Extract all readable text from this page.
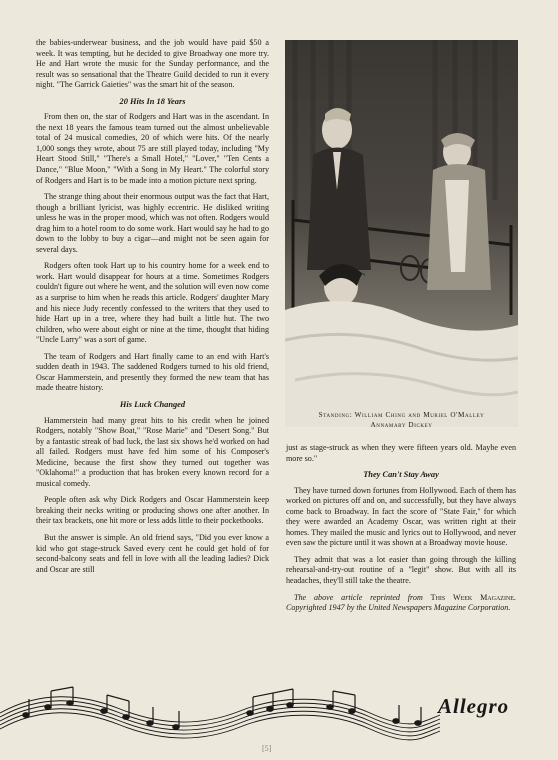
the babies-underwear business, and the job would have paid $50 a week. It was tempting, but he decided to give Broadway one more try. He and Hart wrote the music for the Sunday performance, and the result was so sensational that the Theatre Guild decided to run it every night. "The Garrick Gaieties" was the smart hit of the season.

20 Hits In 18 Years

From then on, the star of Rodgers and Hart was in the ascendant. In the next 18 years the famous team turned out the almost unbelievable total of 24 musical comedies, 20 of which were hits. Of the nearly 1,000 songs they wrote, about 75 are still played today, including "My Heart Stood Still," "There's a Small Hotel," "Lover," "Ten Cents a Dance," "Blue Moon," "With a Song in My Heart." The colorful story of Rodgers and Hart is to be made into a motion picture next spring.

The strange thing about their enormous output was the fact that Hart, though a brilliant lyricist, was highly eccentric. He disliked writing unless he was in the proper mood, which was not often. Rodgers would drag him to a hotel room to do some work. Hart would say he had to go down to the lobby to buy a cigar—and might not be seen again for several days.

Rodgers often took Hart up to his country home for a week end to work. Hart would disappear for hours at a time. Sometimes Rodgers couldn't figure out where he went, and the solution will even now come as a surprise to him when he reads this article. Rodgers' daughter Mary and his niece Judy recently confessed to the writers that they used to hide Hart up in a tree, where they had built a little hut. The two children, who were about eight or nine at the time, thought that hiding "Uncle Larry" was a sort of game.

The team of Rodgers and Hart finally came to an end with Hart's sudden death in 1943. The saddened Rodgers turned to his old friend, Oscar Hammerstein, and presently they formed the new team that has made theatre history.

His Luck Changed

Hammerstein had many great hits to his credit when he joined Rodgers, notably "Show Boat," "Rose Marie" and "Desert Song." But by a fantastic streak of bad luck, the last six shows he'd worked on had all failed. Rodgers must have fed him some of his Composer's Medicine, because the first show they turned out together was "Oklahoma!" a production that has broken every known record for a musical comedy.

People often ask why Dick Rodgers and Oscar Hammerstein keep breaking their necks writing or producing shows one after another. In their tax brackets, one hit more or less adds little to their pocketbooks.

But the answer is simple. An old friend says, "Did you ever know a kid who got stage-struck Saved every cent he could get hold of for second-balcony seats and fell in love with all the leading ladies? Dick and Oscar are still

Standing: William Ching and Muriel O'Malley
Annamary Dickey

just as stage-struck as when they were fifteen years old. Maybe even more so."

They Can't Stay Away

They have turned down fortunes from Hollywood. Each of them has worked on pictures off and on, and successfully, but they have always come back to Broadway. In fact the score of "State Fair," for which they were awarded an Academy Oscar, was written right at their homes. They mailed the music and lyrics out to Hollywood, and never even saw the picture until it was shown at a Broadway movie house.

They admit that was a lot easier than going through the killing rehearsal-and-try-out routine of a "legit" show. But with all its headaches, they'll still take the theatre.

The above article reprinted from This Week Magazine. Copyrighted 1947 by the United Newspapers Magazine Corporation.

Allegro
[5]
